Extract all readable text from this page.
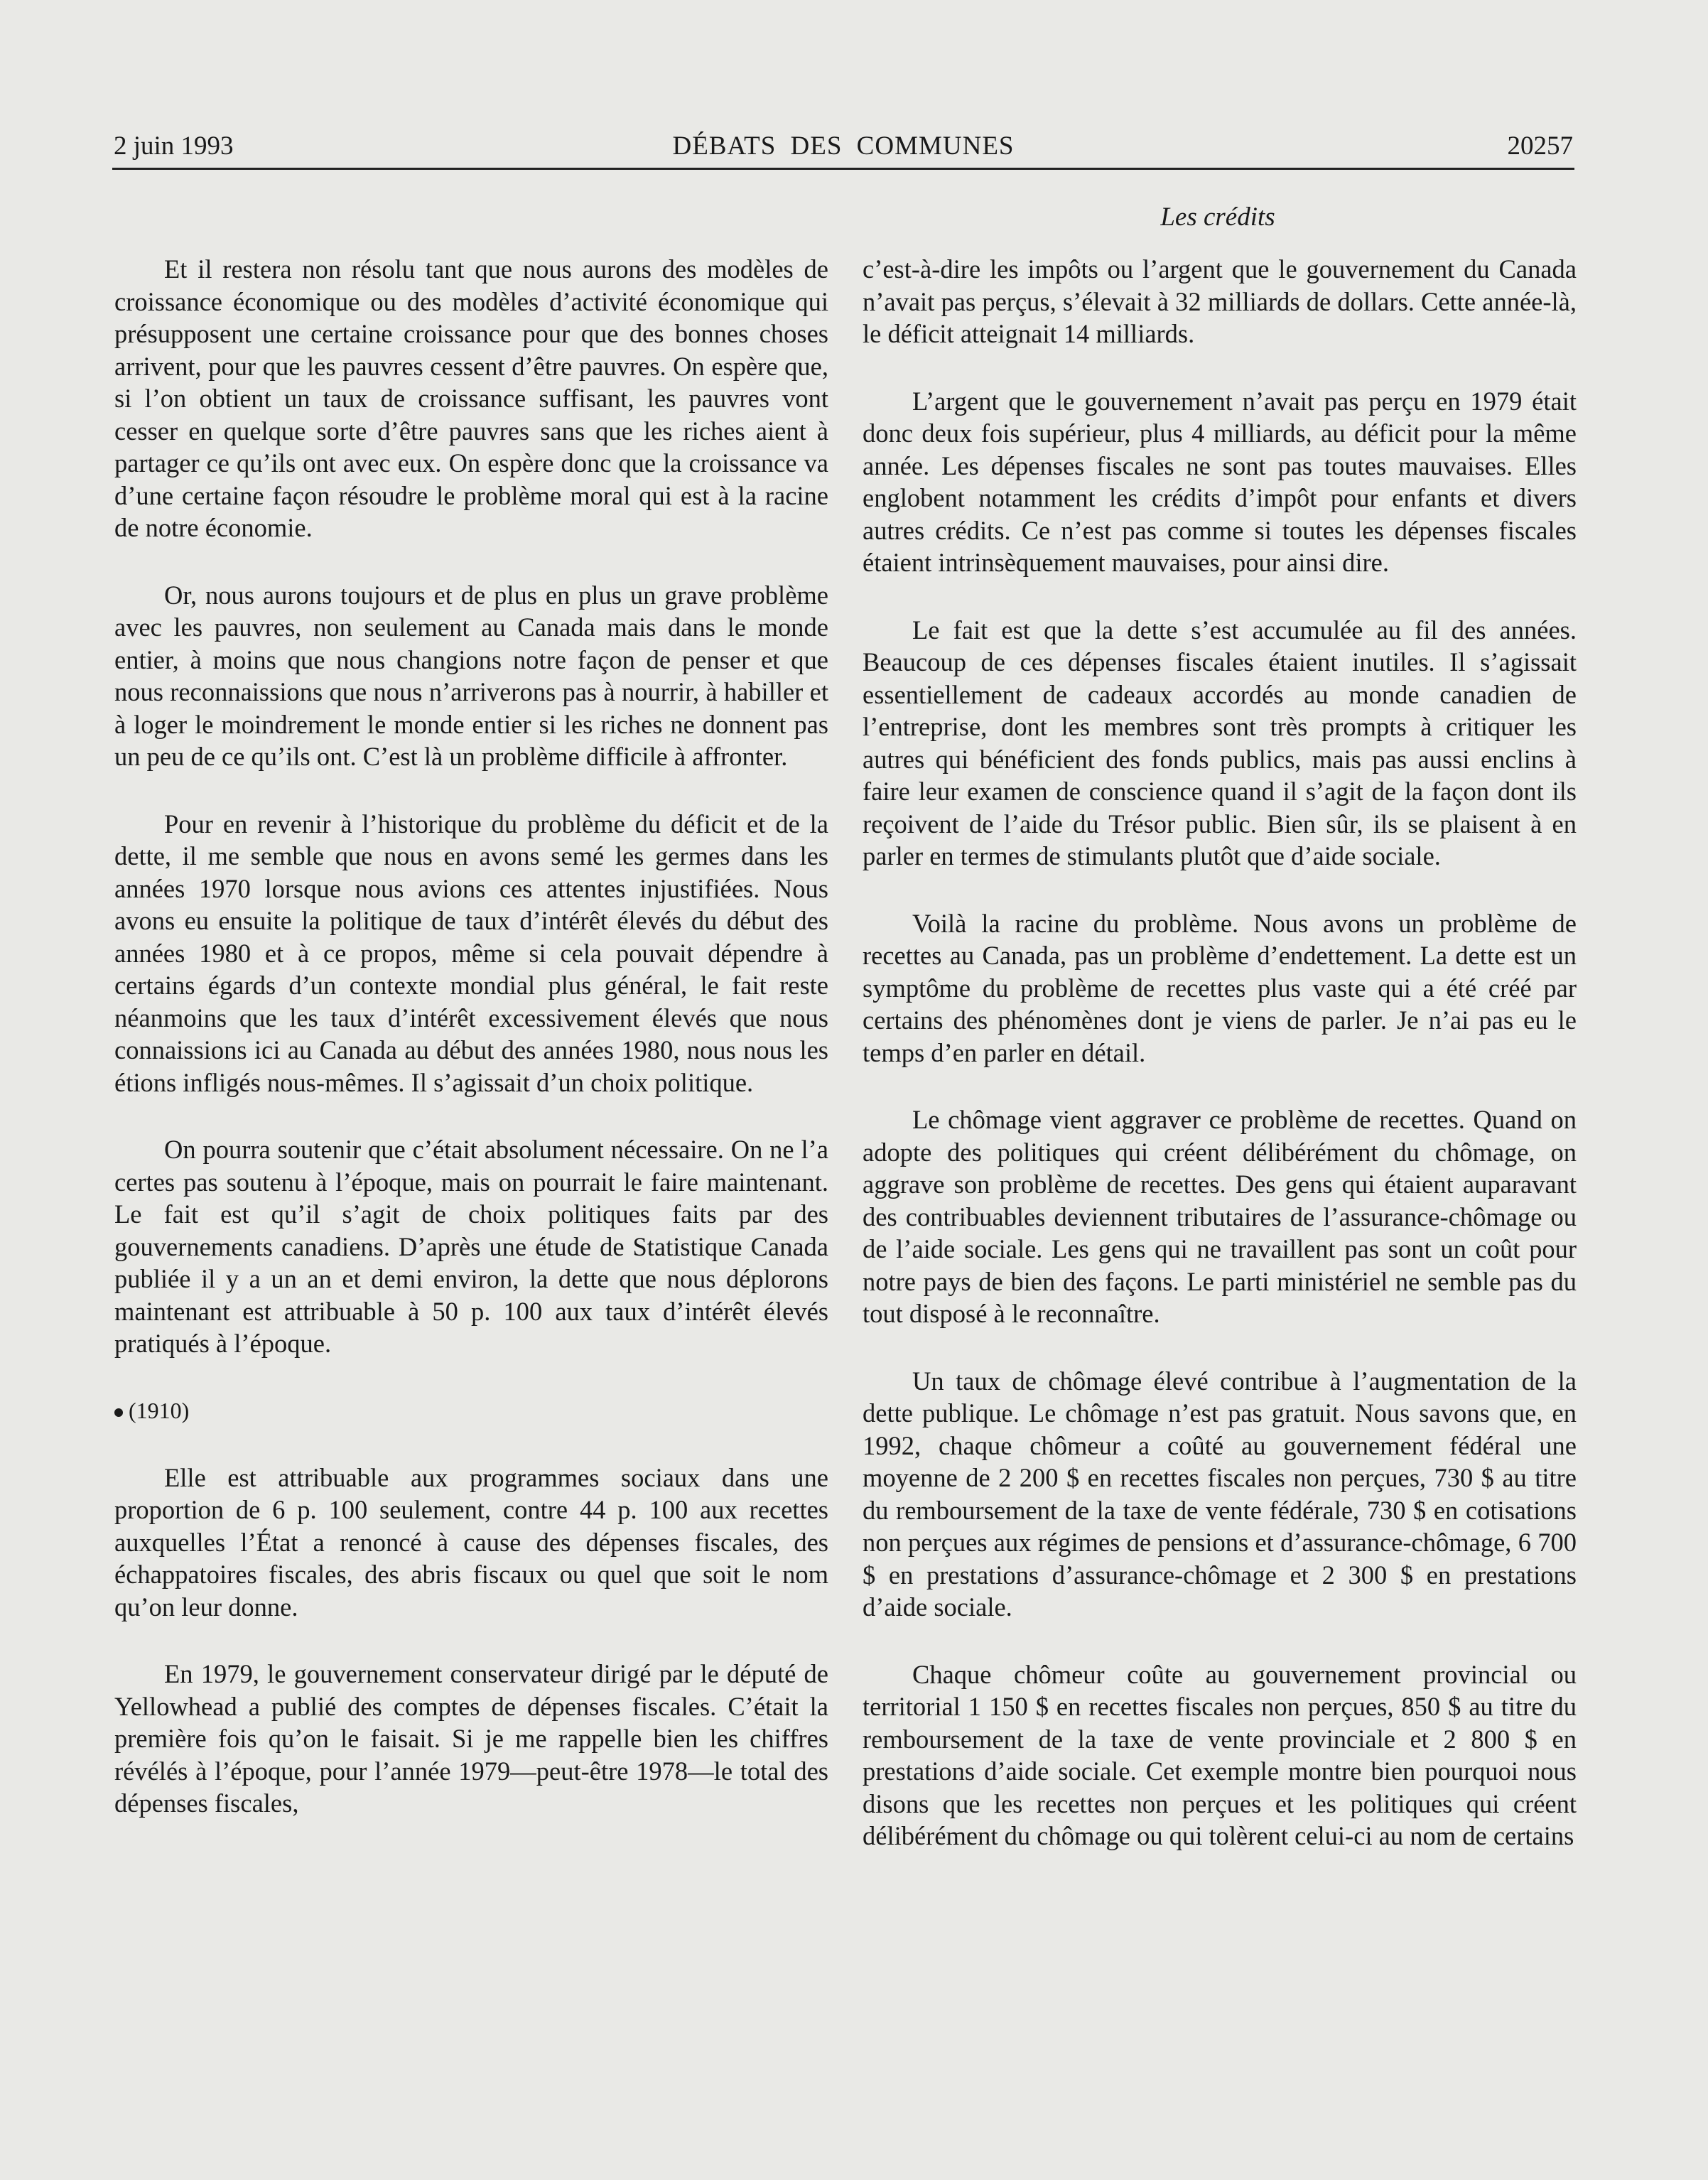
2 juin 1993	DÉBATS DES COMMUNES	20257
Les crédits

Et il restera non résolu tant que nous aurons des modèles de croissance économique ou des modèles d’activité économique qui présupposent une certaine croissance pour que des bonnes choses arrivent, pour que les pauvres cessent d’être pauvres. On espère que, si l’on obtient un taux de croissance suffisant, les pauvres vont cesser en quelque sorte d’être pauvres sans que les riches aient à partager ce qu’ils ont avec eux. On espère donc que la croissance va d’une certaine façon résoudre le problème moral qui est à la racine de notre économie.

Or, nous aurons toujours et de plus en plus un grave problème avec les pauvres, non seulement au Canada mais dans le monde entier, à moins que nous changions notre façon de penser et que nous reconnaissions que nous n’arriverons pas à nourrir, à habiller et à loger le moindrement le monde entier si les riches ne donnent pas un peu de ce qu’ils ont. C’est là un problème difficile à affronter.

Pour en revenir à l’historique du problème du déficit et de la dette, il me semble que nous en avons semé les germes dans les années 1970 lorsque nous avions ces attentes injustifiées. Nous avons eu ensuite la politique de taux d’intérêt élevés du début des années 1980 et à ce propos, même si cela pouvait dépendre à certains égards d’un contexte mondial plus général, le fait reste néanmoins que les taux d’intérêt excessivement élevés que nous connaissions ici au Canada au début des années 1980, nous nous les étions infligés nous-mêmes. Il s’agissait d’un choix politique.

On pourra soutenir que c’était absolument nécessaire. On ne l’a certes pas soutenu à l’époque, mais on pourrait le faire maintenant. Le fait est qu’il s’agit de choix politiques faits par des gouvernements canadiens. D’après une étude de Statistique Canada publiée il y a un an et demi environ, la dette que nous déplorons maintenant est attribuable à 50 p. 100 aux taux d’intérêt élevés pratiqués à l’époque.

(1910)

Elle est attribuable aux programmes sociaux dans une proportion de 6 p. 100 seulement, contre 44 p. 100 aux recettes auxquelles l’État a renoncé à cause des dépenses fiscales, des échappatoires fiscales, des abris fiscaux ou quel que soit le nom qu’on leur donne.

En 1979, le gouvernement conservateur dirigé par le député de Yellowhead a publié des comptes de dépenses fiscales. C’était la première fois qu’on le faisait. Si je me rappelle bien les chiffres révélés à l’époque, pour l’année 1979—peut-être 1978—le total des dépenses fiscales,

c’est-à-dire les impôts ou l’argent que le gouvernement du Canada n’avait pas perçus, s’élevait à 32 milliards de dollars. Cette année-là, le déficit atteignait 14 milliards.

L’argent que le gouvernement n’avait pas perçu en 1979 était donc deux fois supérieur, plus 4 milliards, au déficit pour la même année. Les dépenses fiscales ne sont pas toutes mauvaises. Elles englobent notamment les crédits d’impôt pour enfants et divers autres crédits. Ce n’est pas comme si toutes les dépenses fiscales étaient intrinsèquement mauvaises, pour ainsi dire.

Le fait est que la dette s’est accumulée au fil des années. Beaucoup de ces dépenses fiscales étaient inutiles. Il s’agissait essentiellement de cadeaux accordés au monde canadien de l’entreprise, dont les membres sont très prompts à critiquer les autres qui bénéficient des fonds publics, mais pas aussi enclins à faire leur examen de conscience quand il s’agit de la façon dont ils reçoivent de l’aide du Trésor public. Bien sûr, ils se plaisent à en parler en termes de stimulants plutôt que d’aide sociale.

Voilà la racine du problème. Nous avons un problème de recettes au Canada, pas un problème d’endettement. La dette est un symptôme du problème de recettes plus vaste qui a été créé par certains des phénomènes dont je viens de parler. Je n’ai pas eu le temps d’en parler en détail.

Le chômage vient aggraver ce problème de recettes. Quand on adopte des politiques qui créent délibérément du chômage, on aggrave son problème de recettes. Des gens qui étaient auparavant des contribuables deviennent tributaires de l’assurance-chômage ou de l’aide sociale. Les gens qui ne travaillent pas sont un coût pour notre pays de bien des façons. Le parti ministériel ne semble pas du tout disposé à le reconnaître.

Un taux de chômage élevé contribue à l’augmentation de la dette publique. Le chômage n’est pas gratuit. Nous savons que, en 1992, chaque chômeur a coûté au gouvernement fédéral une moyenne de 2 200 $ en recettes fiscales non perçues, 730 $ au titre du remboursement de la taxe de vente fédérale, 730 $ en cotisations non perçues aux régimes de pensions et d’assurance-chômage, 6 700 $ en prestations d’assurance-chômage et 2 300 $ en prestations d’aide sociale.

Chaque chômeur coûte au gouvernement provincial ou territorial 1 150 $ en recettes fiscales non perçues, 850 $ au titre du remboursement de la taxe de vente provinciale et 2 800 $ en prestations d’aide sociale. Cet exemple montre bien pourquoi nous disons que les recettes non perçues et les politiques qui créent délibérément du chômage ou qui tolèrent celui-ci au nom de certains
